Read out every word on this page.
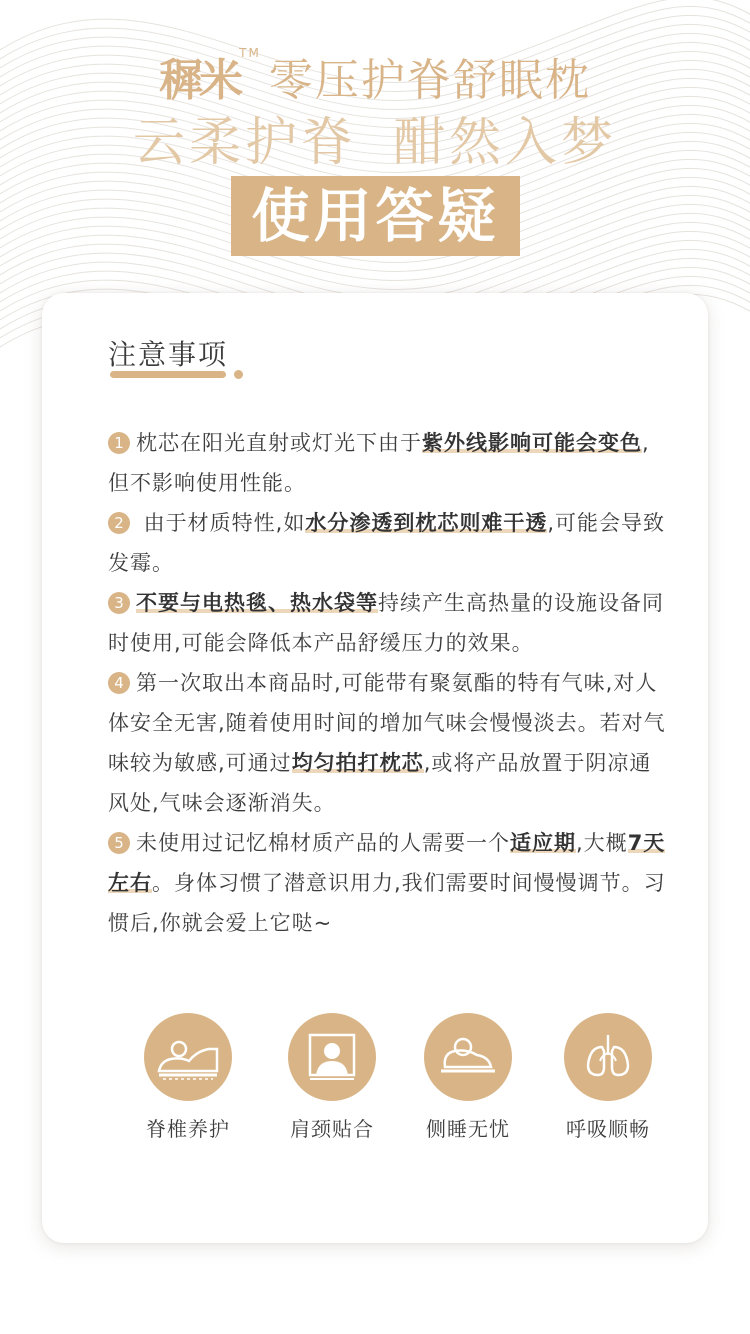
穉米™零压护脊舒眠枕
云柔护脊 酣然入梦
使用答疑
注意事项

1 枕芯在阳光直射或灯光下由于紫外线影响可能会变色,但不影响使用性能。

2 由于材质特性,如水分渗透到枕芯则难干透,可能会导致发霉。

3 不要与电热毯、热水袋等持续产生高热量的设施设备同时使用,可能会降低本产品舒缓压力的效果。

4 第一次取出本商品时,可能带有聚氨酯的特有气味,对人体安全无害,随着使用时间的增加气味会慢慢淡去。若对气味较为敏感,可通过均匀拍打枕芯,或将产品放置于阴凉通风处,气味会逐渐消失。

5 未使用过记忆棉材质产品的人需要一个适应期,大概7天左右。身体习惯了潜意识用力,我们需要时间慢慢调节。习惯后,你就会爱上它哒~

脊椎养护	肩颈贴合	侧睡无忧	呼吸顺畅
